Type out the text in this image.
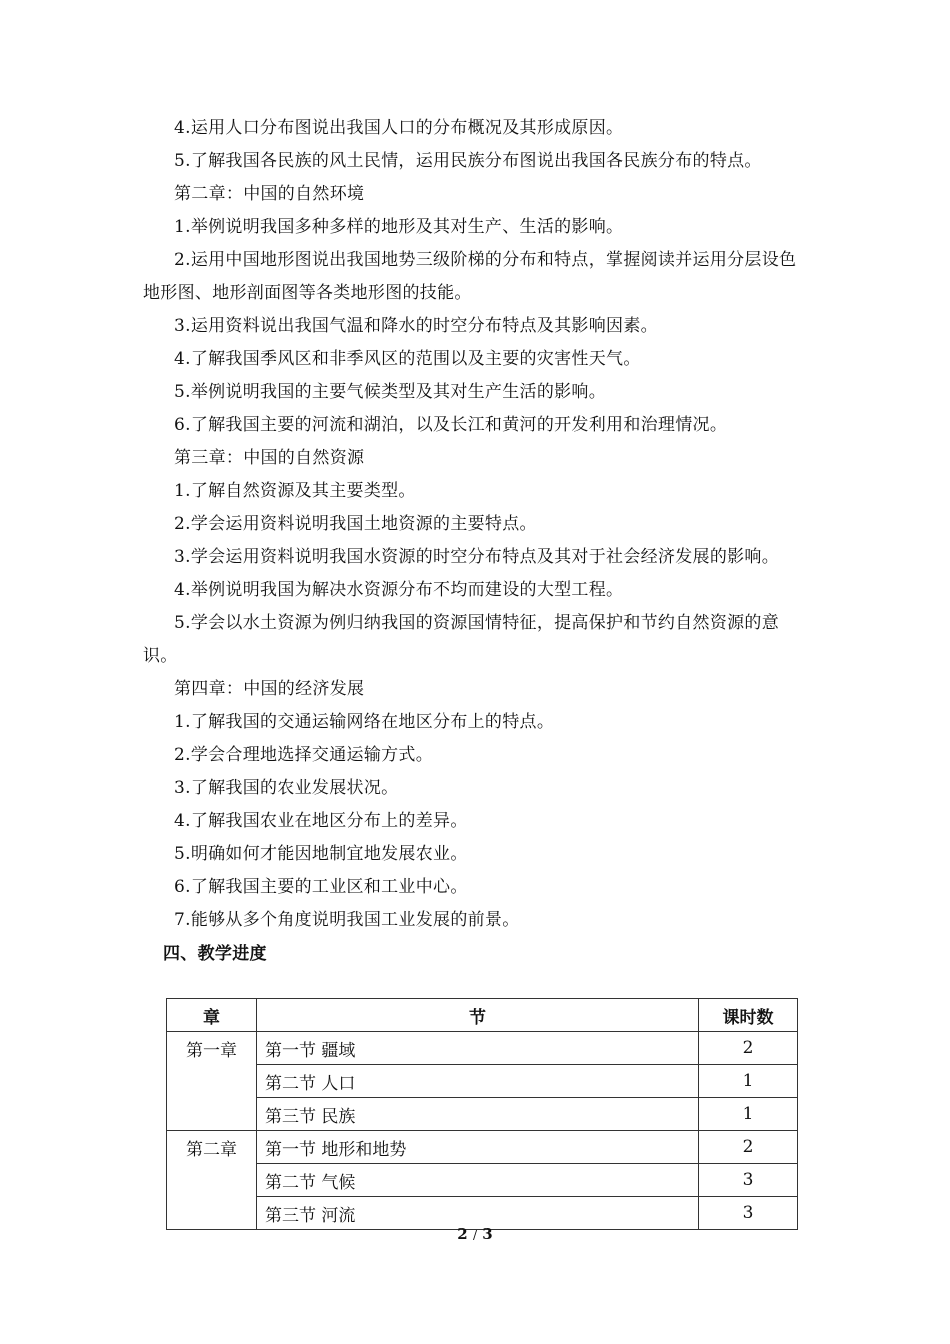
4.运用人口分布图说出我国人口的分布概况及其形成原因。

5.了解我国各民族的风土民情，运用民族分布图说出我国各民族分布的特点。

第二章：中国的自然环境

1.举例说明我国多种多样的地形及其对生产、生活的影响。

2.运用中国地形图说出我国地势三级阶梯的分布和特点，掌握阅读并运用分层设色地形图、地形剖面图等各类地形图的技能。

3.运用资料说出我国气温和降水的时空分布特点及其影响因素。

4.了解我国季风区和非季风区的范围以及主要的灾害性天气。

5.举例说明我国的主要气候类型及其对生产生活的影响。

6.了解我国主要的河流和湖泊，以及长江和黄河的开发利用和治理情况。

第三章：中国的自然资源

1.了解自然资源及其主要类型。

2.学会运用资料说明我国土地资源的主要特点。

3.学会运用资料说明我国水资源的时空分布特点及其对于社会经济发展的影响。

4.举例说明我国为解决水资源分布不均而建设的大型工程。

5.学会以水土资源为例归纳我国的资源国情特征，提高保护和节约自然资源的意识。

第四章：中国的经济发展

1.了解我国的交通运输网络在地区分布上的特点。

2.学会合理地选择交通运输方式。

3.了解我国的农业发展状况。

4.了解我国农业在地区分布上的差异。

5.明确如何才能因地制宜地发展农业。

6.了解我国主要的工业区和工业中心。

7.能够从多个角度说明我国工业发展的前景。

四、教学进度

章	节	课时数
第一章	第一节 疆域	2
	第二节 人口	1
	第三节 民族	1
第二章	第一节 地形和地势	2
	第二节 气候	3
	第三节 河流	3
2 / 3
